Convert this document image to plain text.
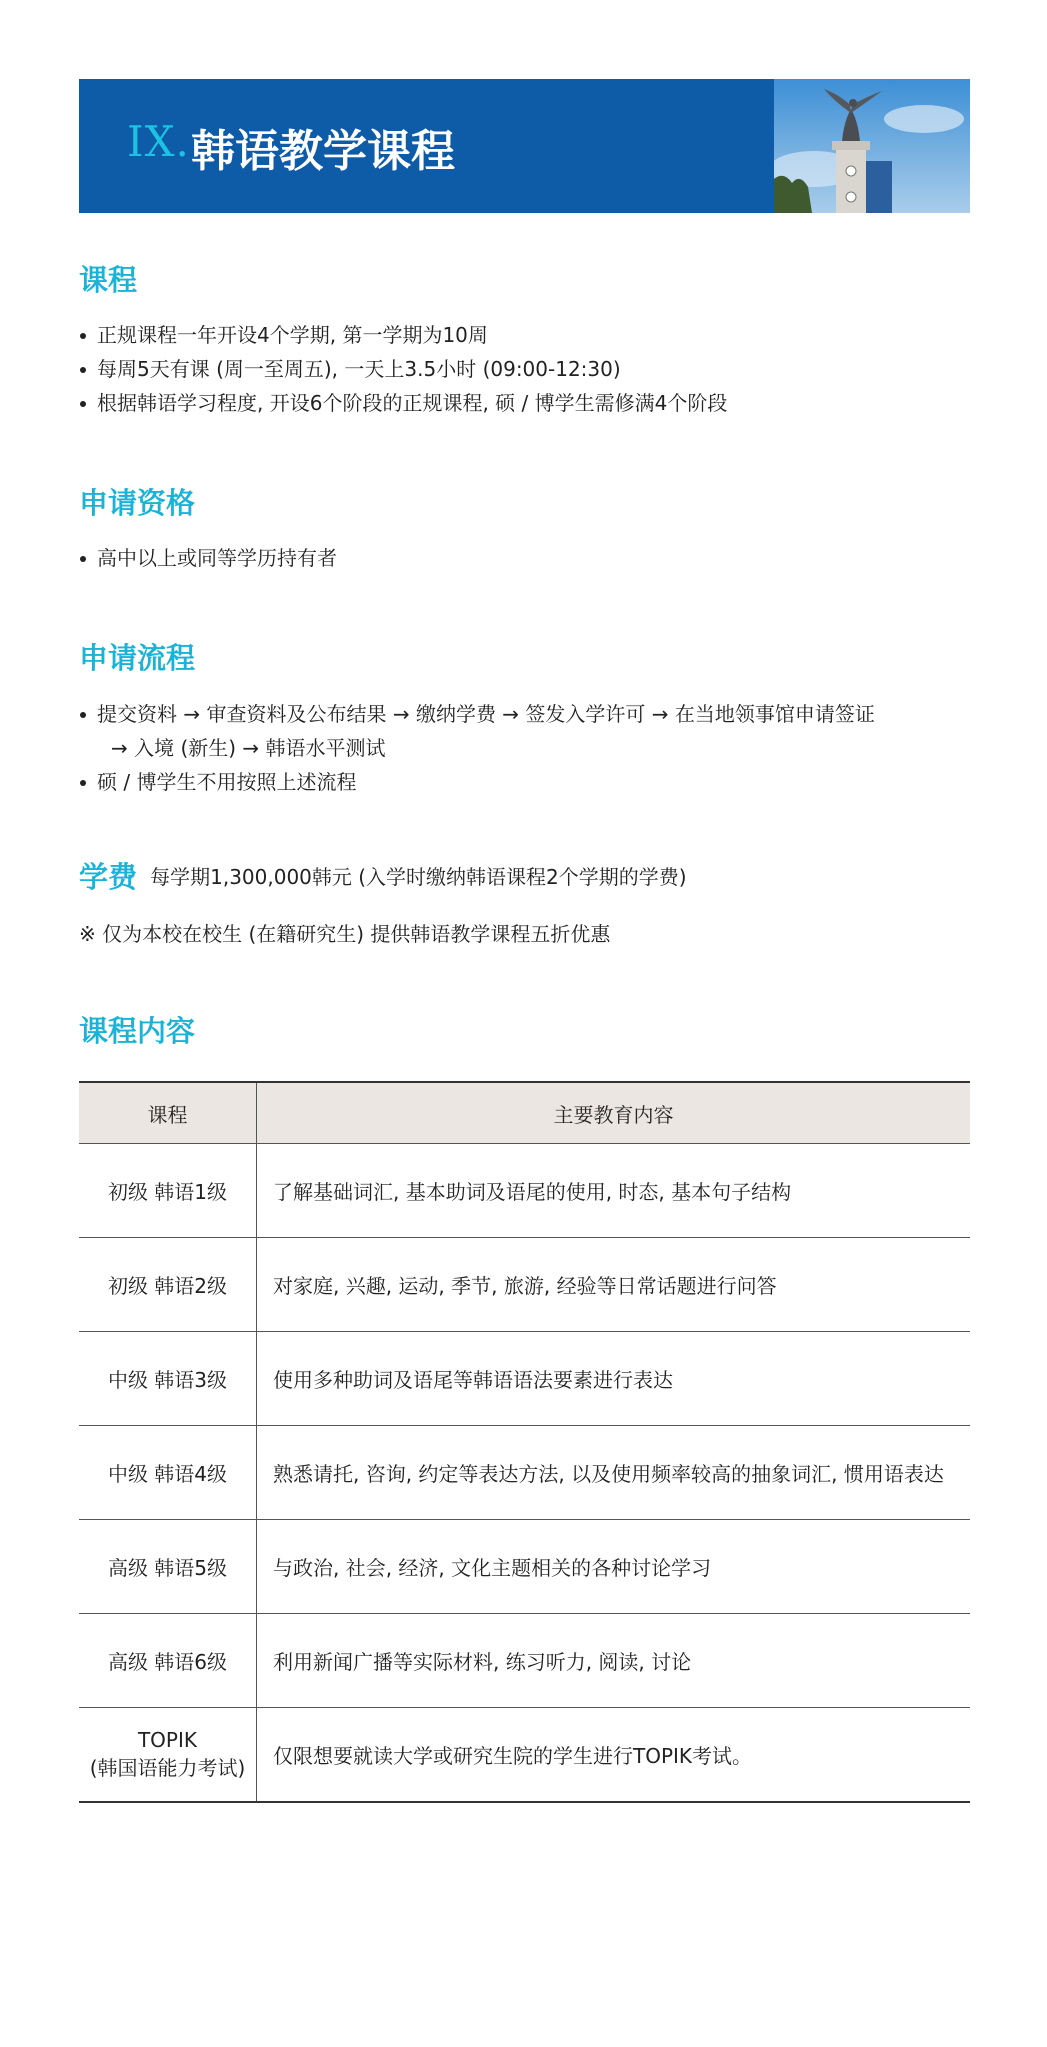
IX. 韩语教学课程
课程
正规课程一年开设4个学期, 第一学期为10周
每周5天有课 (周一至周五), 一天上3.5小时 (09:00-12:30)
根据韩语学习程度, 开设6个阶段的正规课程, 硕 / 博学生需修满4个阶段
申请资格
高中以上或同等学历持有者
申请流程
提交资料 → 审查资料及公布结果 → 缴纳学费 → 签发入学许可 → 在当地领事馆申请签证
→ 入境 (新生) → 韩语水平测试
硕 / 博学生不用按照上述流程
学费 每学期1,300,000韩元 (入学时缴纳韩语课程2个学期的学费)
※ 仅为本校在校生 (在籍研究生) 提供韩语教学课程五折优惠
课程内容
课程	主要教育内容
初级 韩语1级	了解基础词汇, 基本助词及语尾的使用, 时态, 基本句子结构
初级 韩语2级	对家庭, 兴趣, 运动, 季节, 旅游, 经验等日常话题进行问答
中级 韩语3级	使用多种助词及语尾等韩语语法要素进行表达
中级 韩语4级	熟悉请托, 咨询, 约定等表达方法, 以及使用频率较高的抽象词汇, 惯用语表达
高级 韩语5级	与政治, 社会, 经济, 文化主题相关的各种讨论学习
高级 韩语6级	利用新闻广播等实际材料, 练习听力, 阅读, 讨论

TOPIK
(韩国语能力考试)	仅限想要就读大学或研究生院的学生进行TOPIK考试。
